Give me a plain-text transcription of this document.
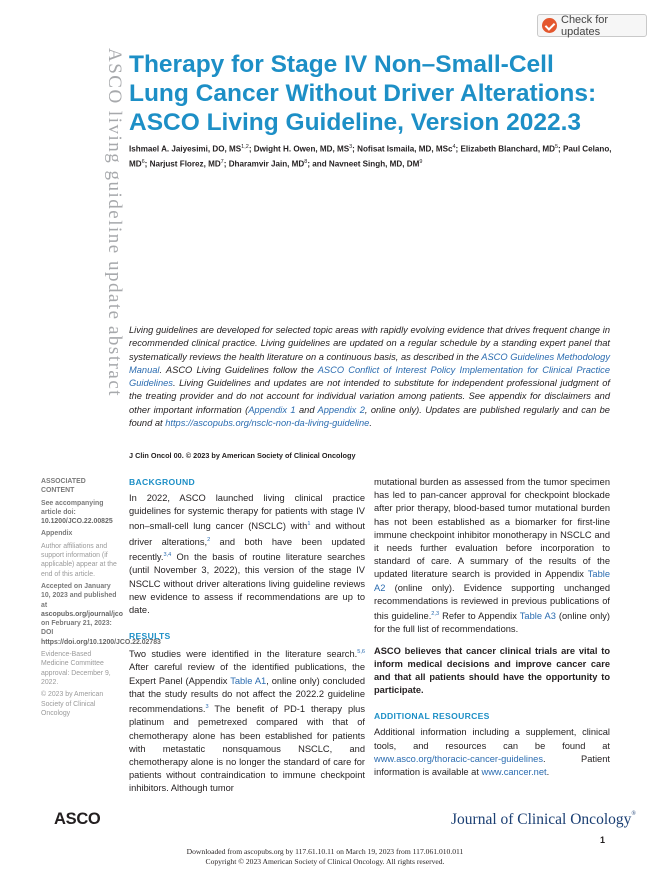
Check for updates
ASCO living guideline update
abstract
Therapy for Stage IV Non–Small-Cell Lung Cancer Without Driver Alterations: ASCO Living Guideline, Version 2022.3
Ishmael A. Jaiyesimi, DO, MS$^{1,2}$; Dwight H. Owen, MD, $MS^3$; Nofisat Ismaila, MD, MSc$^4$; Elizabeth Blanchard, $MD^5$; Paul Celano, $MD^6$; Narjust Florez, $MD^7$; Dharamvir Jain, $MD^8$; and Navneet Singh, MD, $DM^9$
Living guidelines are developed for selected topic areas with rapidly evolving evidence that drives frequent change in recommended clinical practice. Living guidelines are updated on a regular schedule by a standing expert panel that systematically reviews the health literature on a continuous basis, as described in the ASCO Guidelines Methodology Manual. ASCO Living Guidelines follow the ASCO Conflict of Interest Policy Implementation for Clinical Practice Guidelines. Living Guidelines and updates are not intended to substitute for independent professional judgment of the treating provider and do not account for individual variation among patients. See appendix for disclaimers and other important information (Appendix 1 and Appendix 2, online only). Updates are published regularly and can be found at https://ascopubs.org/nsclc-non-da-living-guideline.
J Clin Oncol 00. © 2023 by American Society of Clinical Oncology
ASSOCIATED CONTENT
See accompanying article doi: 10.1200/JCO.22.00825
Appendix
Author affiliations and support information (if applicable) appear at the end of this article.
Accepted on January 10, 2023 and published at ascopubs.org/journal/jco on February 21, 2023: DOI https://doi.org/10.1200/JCO.22.02783
Evidence-Based Medicine Committee approval: December 9, 2022.
© 2023 by American Society of Clinical Oncology
BACKGROUND

In 2022, ASCO launched living clinical practice guidelines for systemic therapy for patients with stage IV non–small-cell lung cancer (NSCLC) with$^1$ and without driver alterations,$^2$ and both have been updated recently.$^{3,4}$ On the basis of routine literature searches (until November 3, 2022), this version of the stage IV NSCLC without driver alterations living guideline reviews new evidence to assess if recommendations are up to date.

RESULTS

Two studies were identified in the literature search.$^{5,6}$ After careful review of the identified publications, the Expert Panel (Appendix Table A1, online only) concluded that the study results do not affect the 2022.2 guideline recommendations.$^3$ The benefit of PD-1 therapy plus platinum and pemetrexed compared with that of chemotherapy alone has been established for patients with metastatic nonsquamous NSCLC, and chemotherapy alone is no longer the standard of care for patients without contraindication to immune checkpoint inhibitors. Although tumor

mutational burden as assessed from the tumor specimen has led to pan-cancer approval for checkpoint blockade after prior therapy, blood-based tumor mutational burden has not been established as a biomarker for first-line immune checkpoint inhibitor monotherapy in NSCLC and it needs further evaluation before incorporation to standard of care. A summary of the results of the updated literature search is provided in Appendix Table A2 (online only). Evidence supporting unchanged recommendations is reviewed in previous publications of this guideline.$^{2,3}$ Refer to Appendix Table A3 (online only) for the full list of recommendations.

ASCO believes that cancer clinical trials are vital to inform medical decisions and improve cancer care and that all patients should have the opportunity to participate.

ADDITIONAL RESOURCES

Additional information including a supplement, clinical tools, and resources can be found at www.asco.org/thoracic-cancer-guidelines. Patient information is available at www.cancer.net.

ASCO	Journal of Clinical Oncology®
1
Downloaded from ascopubs.org by 117.61.10.11 on March 19, 2023 from 117.061.010.011
Copyright © 2023 American Society of Clinical Oncology. All rights reserved.
